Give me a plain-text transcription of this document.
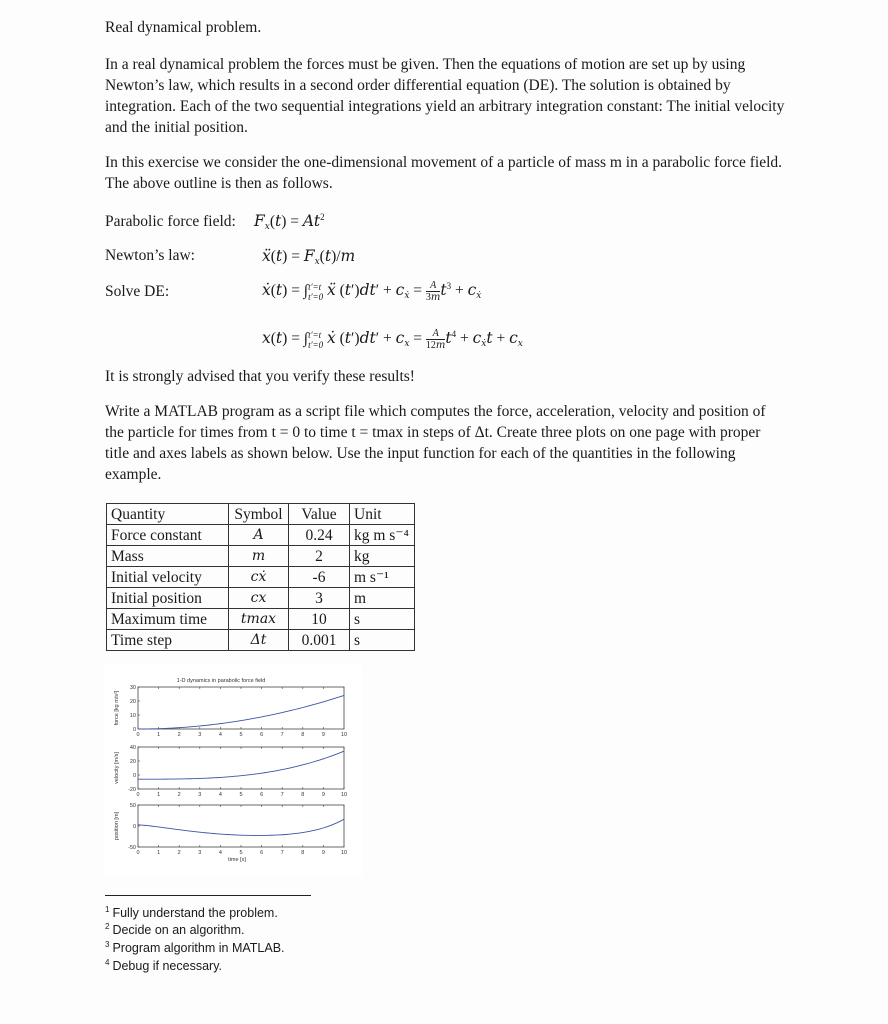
Real dynamical problem.

In a real dynamical problem the forces must be given. Then the equations of motion are set up by using Newton’s law, which results in a second order differential equation (DE). The solution is obtained by integration. Each of the two sequential integrations yield an arbitrary integration constant: The initial velocity and the initial position.

In this exercise we consider the one-dimensional movement of a particle of mass m in a parabolic force field. The above outline is then as follows.

Parabolic force field: $F_x(t) = At^2$
Newton’s law:	ẍ(t) = $F_x(t)/m$
Solve DE:	ẋ(t) = ∫ t′=t
t′=0 ẍ $(t')dt' + c_ẋ = \frac{A}{3m} t^3 + c_ẋ$
x(t) = ∫ t′=t
t′=0 ẋ $(t')dt' + c_x = \frac{A}{12m} t^4 + c_ẋt + c_x$

It is strongly advised that you verify these results!

Write a MATLAB program as a script file which computes the force, acceleration, velocity and position of the particle for times from t = 0 to time t = tmax in steps of Δt. Create three plots on one page with proper title and axes labels as shown below. Use the input function for each of the quantities in the following example.

Quantity	Symbol	Value	Unit
Force constant	A	0.24	kg m s⁻⁴
Mass	m	2	kg
Initial velocity	cẋ	-6	m s⁻¹
Initial position	cx	3	m
Maximum time	tmax	10	s
Time step	Δt	0.001	s
0	1	2	3	4	5	6	7	8	9	10
0
10
20
30
force [kg m/s²]
1-D dynamics in parabolic force field
0	1	2	3	4	5	6	7	8	9	10
-20
0
20
40
velocity [m/s]
0	1	2	3	4	5	6	7	8	9	10
-50
0
50
position [m]
time [s]
$^1$ Fully understand the problem.
$^2$ Decide on an algorithm.
$^3$ Program algorithm in MATLAB.
$^4$ Debug if necessary.
